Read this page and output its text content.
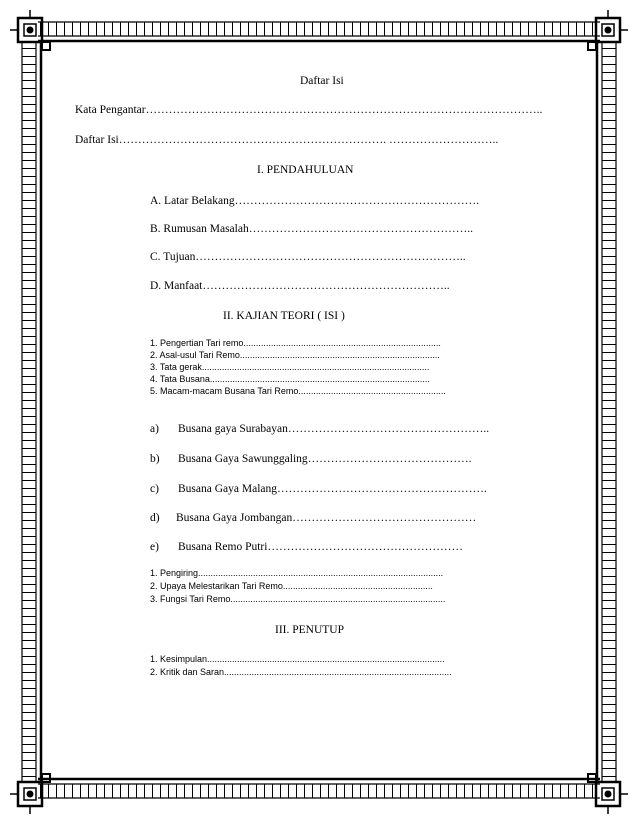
Daftar Isi
Kata Pengantar…………………………………………………………………………………………..
Daftar Isi……………………………………………………………. ………………………..
I. PENDAHULUAN
A. Latar Belakang……………………………………………………….
B. Rumusan Masalah…………………………………………………..
C. Tujuan……………………………………………………………..
D. Manfaat………………………………………………………..
II. KAJIAN TEORI ( ISI )
1. Pengertian Tari remo...............................................................................
2. Asal-usul Tari Remo................................................................................
3. Tata gerak...........................................................................................
4. Tata Busana........................................................................................
5. Macam-macam Busana Tari Remo...........................................................
a) Busana gaya Surabayan……………………………………………..
b) Busana Gaya Sawunggaling…………………………………….
c) Busana Gaya Malang……………………………………………….
d) Busana Gaya Jombangan…………………………………………
e) Busana Remo Putri……………………………………………
1. Pengiring..................................................................................................
2. Upaya Melestarikan Tari Remo............................................................
3. Fungsi Tari Remo......................................................................................
III. PENUTUP
1. Kesimpulan...............................................................................................
2. Kritik dan Saran...........................................................................................
